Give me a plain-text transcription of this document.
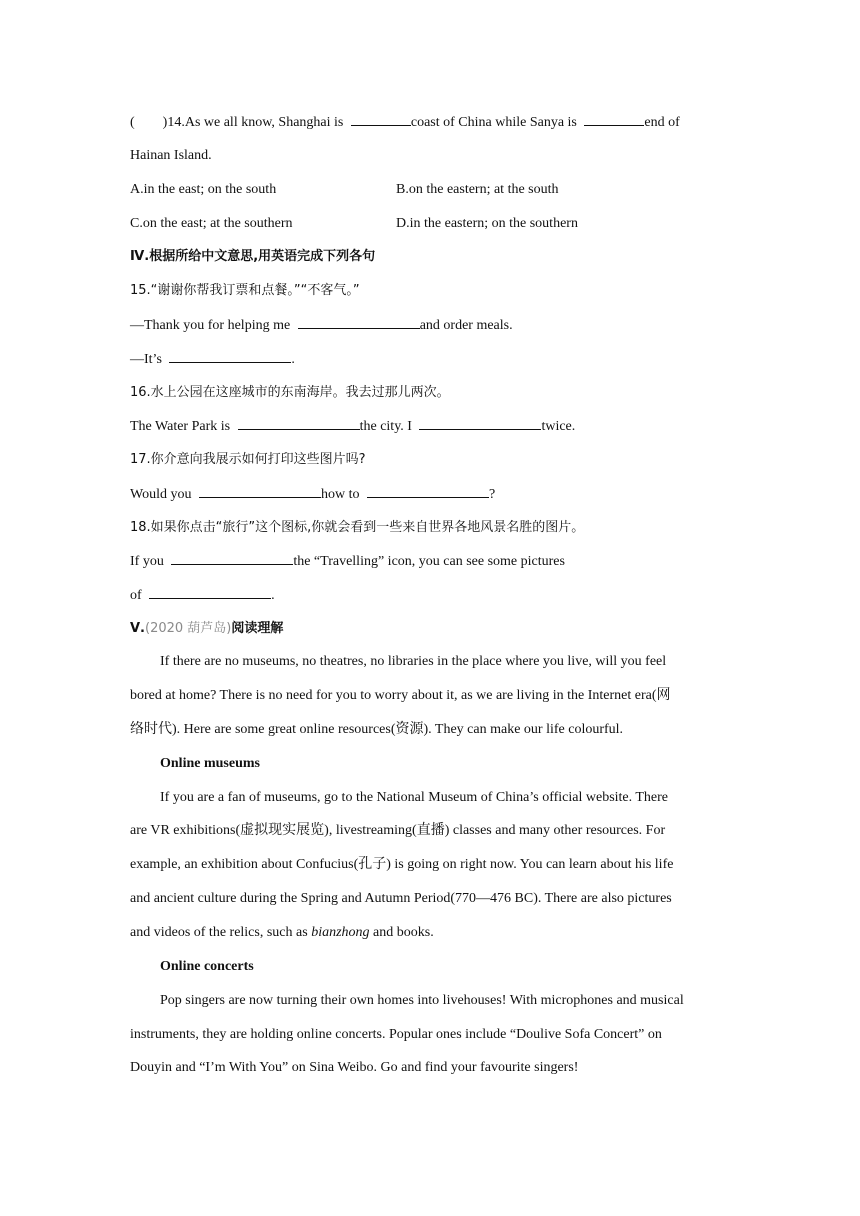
(        )14.As we all know, Shanghai is	coast of China while Sanya is	end of
Hainan Island.
A.in the east; on the south	B.on the eastern; at the south
C.on the east; at the southern	D.in the eastern; on the southern
Ⅳ.根据所给中文意思,用英语完成下列各句
15.“谢谢你帮我订票和点餐。”“不客气。”
—Thank you for helping me	and order meals.
—It’s	.
16.水上公园在这座城市的东南海岸。我去过那儿两次。
The Water Park is	the city. I	twice.
17.你介意向我展示如何打印这些图片吗?
Would you	how to	?
18.如果你点击“旅行”这个图标,你就会看到一些来自世界各地风景名胜的图片。
If you	the “Travelling” icon, you can see some pictures
of	.
Ⅴ.(2020 葫芦岛)阅读理解
If there are no museums, no theatres, no libraries in the place where you live, will you feel
bored at home? There is no need for you to worry about it, as we are living in the Internet era(网
络时代). Here are some great online resources(资源). They can make our life colourful.
Online museums
If you are a fan of museums, go to the National Museum of China’s official website. There
are VR exhibitions(虚拟现实展览), livestreaming(直播) classes and many other resources. For
example, an exhibition about Confucius(孔子) is going on right now. You can learn about his life
and ancient culture during the Spring and Autumn Period(770—476 BC). There are also pictures
and videos of the relics, such as bianzhong and books.
Online concerts
Pop singers are now turning their own homes into livehouses! With microphones and musical
instruments, they are holding online concerts. Popular ones include “Doulive Sofa Concert” on
Douyin and “I’m With You” on Sina Weibo. Go and find your favourite singers!
